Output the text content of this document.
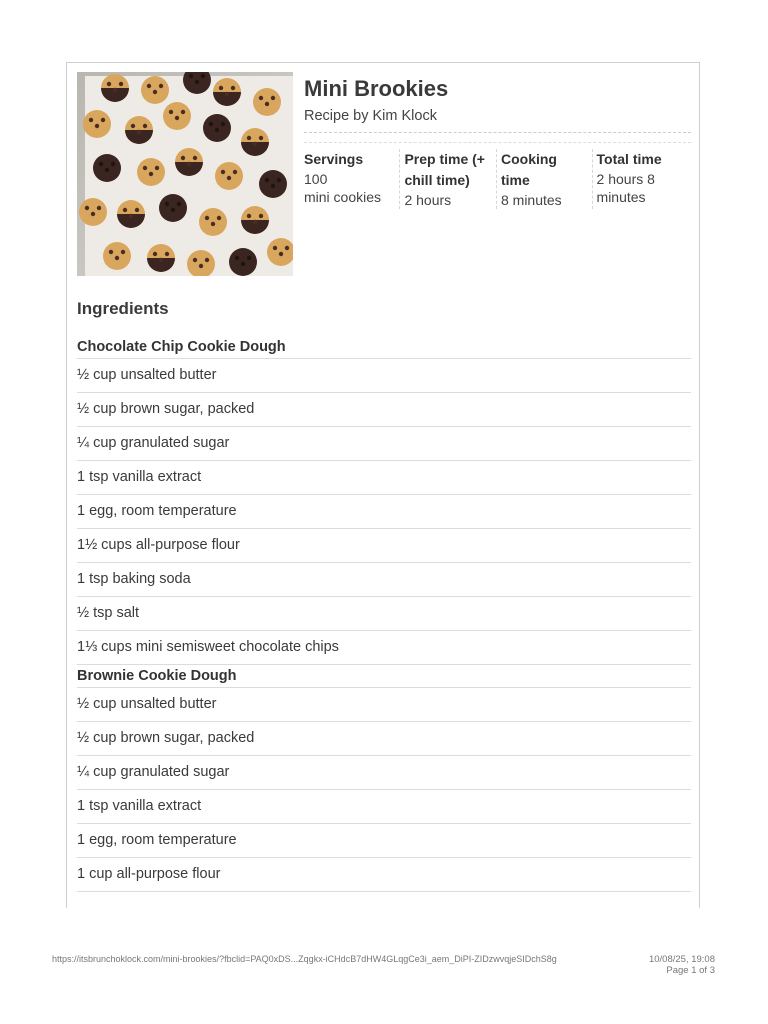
Mini Brookies
Recipe by Kim Klock
Servings
100
mini cookies
Prep time (+
chill time)
2 hours
Cooking
time
8 minutes
Total time
2 hours 8
minutes
Ingredients
Chocolate Chip Cookie Dough
½ cup unsalted butter
½ cup brown sugar, packed
¼ cup granulated sugar
1 tsp vanilla extract
1 egg, room temperature
1½ cups all-purpose flour
1 tsp baking soda
½ tsp salt
1⅓ cups mini semisweet chocolate chips
Brownie Cookie Dough
½ cup unsalted butter
½ cup brown sugar, packed
¼ cup granulated sugar
1 tsp vanilla extract
1 egg, room temperature
1 cup all-purpose flour
https://itsbrunchoklock.com/mini-brookies/?fbclid=PAQ0xDS...Zqgkx-iCHdcB7dHW4GLqgCe3i_aem_DiPI-ZIDzwvqjeSIDchS8g	10/08/25, 19:08
Page 1 of 3
